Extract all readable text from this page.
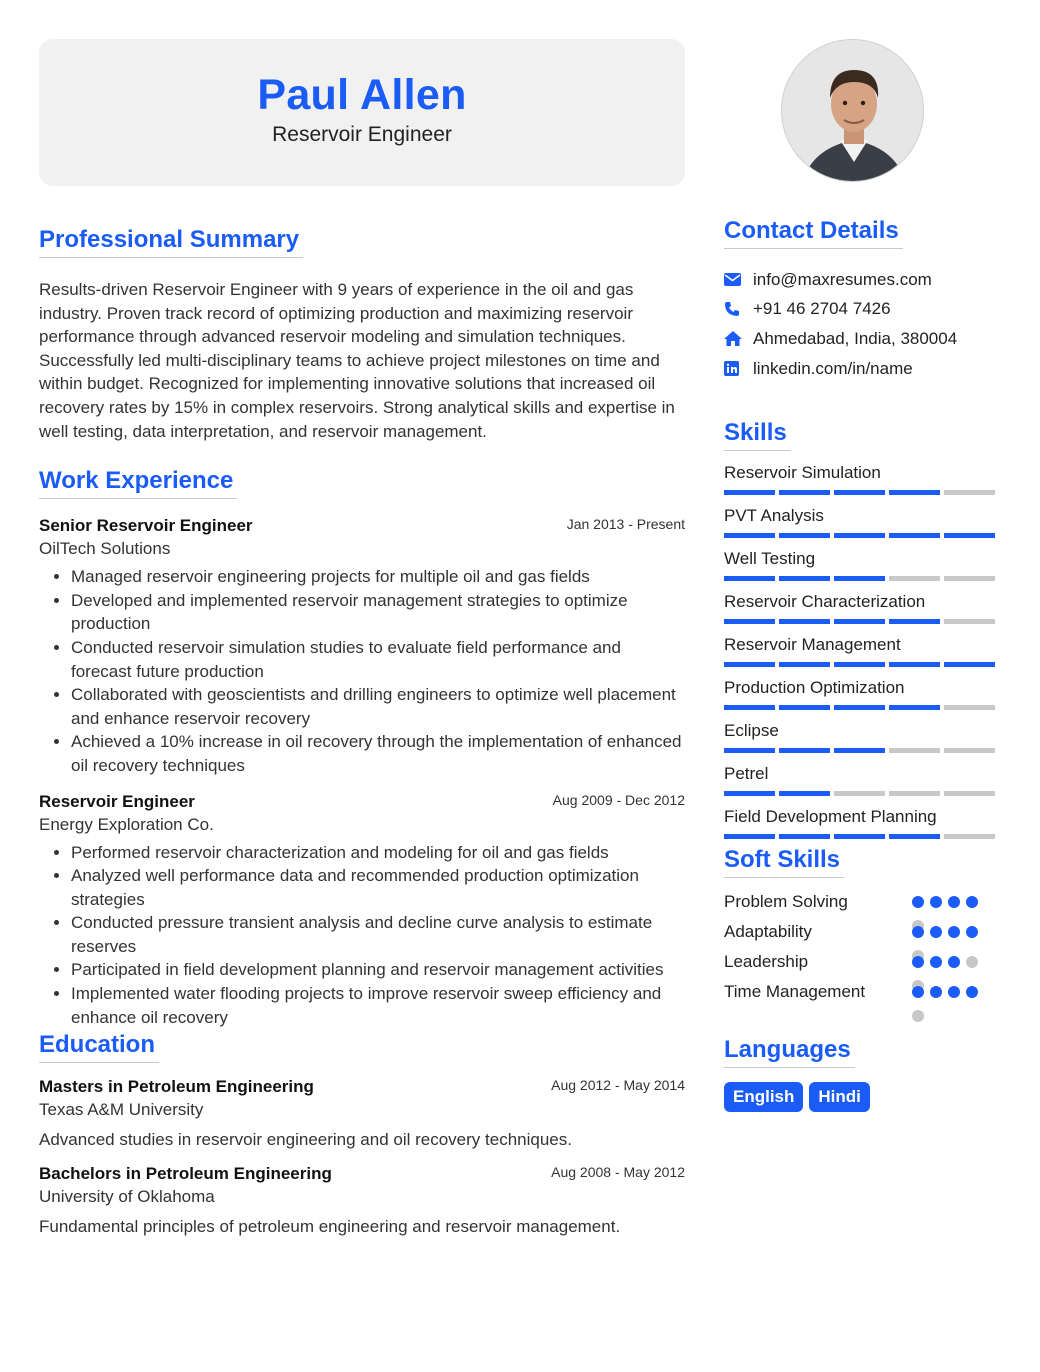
Paul Allen
Reservoir Engineer
Professional Summary

Results-driven Reservoir Engineer with 9 years of experience in the oil and gas industry. Proven track record of optimizing production and maximizing reservoir performance through advanced reservoir modeling and simulation techniques. Successfully led multi-disciplinary teams to achieve project milestones on time and within budget. Recognized for implementing innovative solutions that increased oil recovery rates by 15% in complex reservoirs. Strong analytical skills and expertise in well testing, data interpretation, and reservoir management.

Work Experience
Senior Reservoir Engineer	Jan 2013 - Present
OilTech Solutions
• Managed reservoir engineering projects for multiple oil and gas fields
• Developed and implemented reservoir management strategies to optimize production
• Conducted reservoir simulation studies to evaluate field performance and forecast future production
• Collaborated with geoscientists and drilling engineers to optimize well placement and enhance reservoir recovery
• Achieved a 10% increase in oil recovery through the implementation of enhanced oil recovery techniques
Reservoir Engineer	Aug 2009 - Dec 2012
Energy Exploration Co.
• Performed reservoir characterization and modeling for oil and gas fields
• Analyzed well performance data and recommended production optimization strategies
• Conducted pressure transient analysis and decline curve analysis to estimate reserves
• Participated in field development planning and reservoir management activities
• Implemented water flooding projects to improve reservoir sweep efficiency and enhance oil recovery
Education
Masters in Petroleum Engineering	Aug 2012 - May 2014
Texas A&M University
Advanced studies in reservoir engineering and oil recovery techniques.
Bachelors in Petroleum Engineering	Aug 2008 - May 2012
University of Oklahoma
Fundamental principles of petroleum engineering and reservoir management.
Contact Details
info@maxresumes.com
+91 46 2704 7426
Ahmedabad, India, 380004
linkedin.com/in/name
Skills
Reservoir Simulation
PVT Analysis
Well Testing
Reservoir Characterization
Reservoir Management
Production Optimization
Eclipse
Petrel
Field Development Planning
Soft Skills
Problem Solving
Adaptability
Leadership
Time Management
Languages
English	Hindi
